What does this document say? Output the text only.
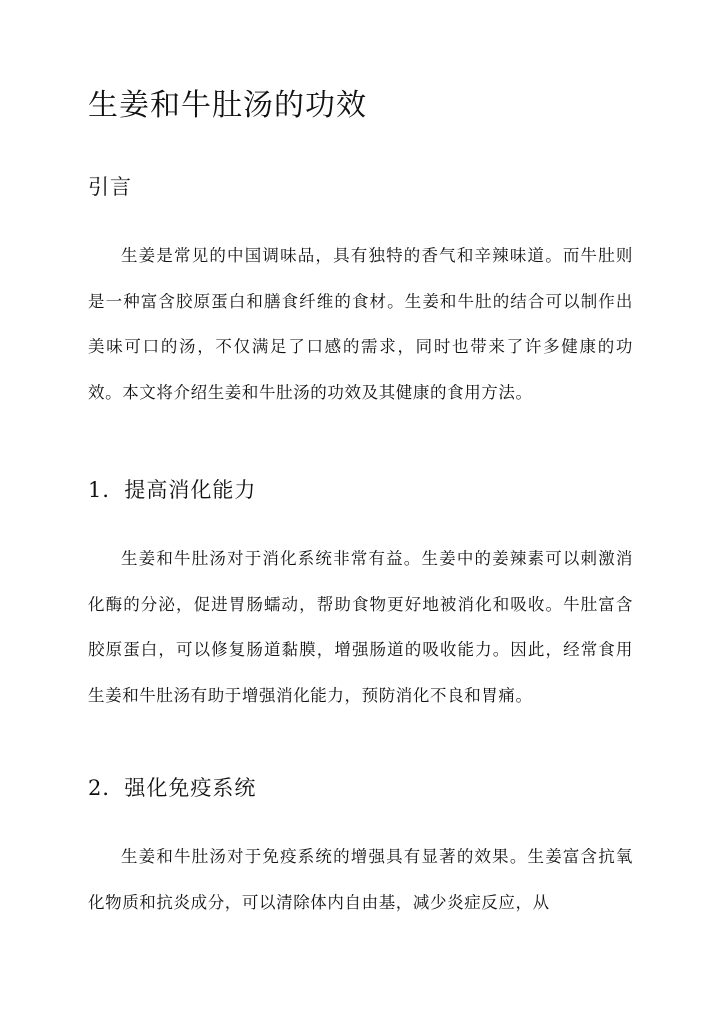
生姜和牛肚汤的功效
引言

生姜是常见的中国调味品，具有独特的香气和辛辣味道。而牛肚则是一种富含胶原蛋白和膳食纤维的食材。生姜和牛肚的结合可以制作出美味可口的汤，不仅满足了口感的需求，同时也带来了许多健康的功效。本文将介绍生姜和牛肚汤的功效及其健康的食用方法。

1．提高消化能力

生姜和牛肚汤对于消化系统非常有益。生姜中的姜辣素可以刺激消化酶的分泌，促进胃肠蠕动，帮助食物更好地被消化和吸收。牛肚富含胶原蛋白，可以修复肠道黏膜，增强肠道的吸收能力。因此，经常食用生姜和牛肚汤有助于增强消化能力，预防消化不良和胃痛。

2．强化免疫系统

生姜和牛肚汤对于免疫系统的增强具有显著的效果。生姜富含抗氧化物质和抗炎成分，可以清除体内自由基，减少炎症反应，从
